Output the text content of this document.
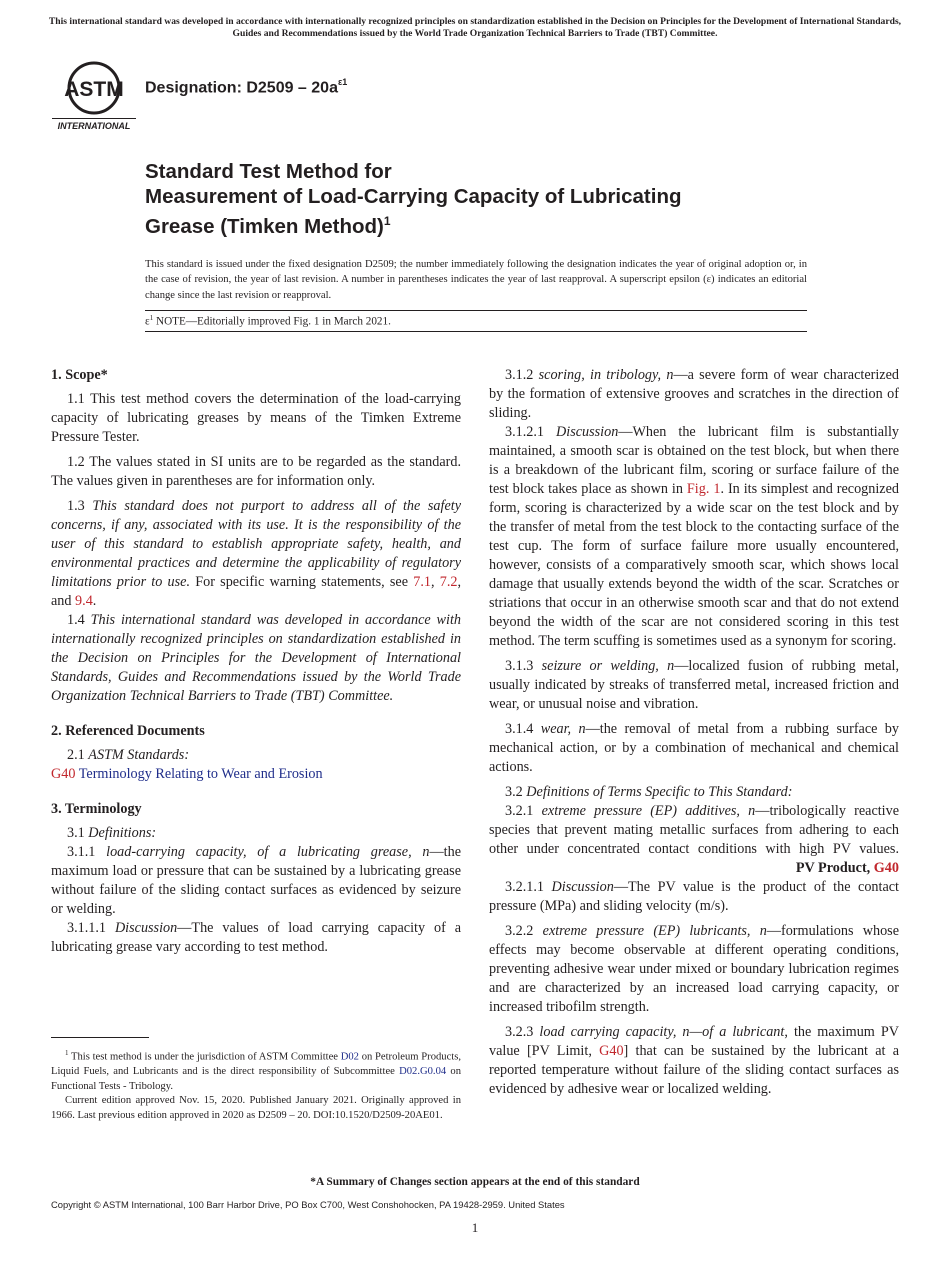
This international standard was developed in accordance with internationally recognized principles on standardization established in the Decision on Principles for the Development of International Standards, Guides and Recommendations issued by the World Trade Organization Technical Barriers to Trade (TBT) Committee.
ASTM
INTERNATIONAL
Designation: $D2509 - 20a^{\varepsilon 1}$
Standard Test Method for
Measurement of Load-Carrying Capacity of Lubricating
Grease (Timken Method)$^1$
This standard is issued under the fixed designation D2509; the number immediately following the designation indicates the year of original adoption or, in the case of revision, the year of last revision. A number in parentheses indicates the year of last reapproval. A superscript epsilon (ε) indicates an editorial change since the last revision or reapproval.
$\varepsilon^1$ NOTE—Editorially improved Fig. 1 in March 2021.
1. Scope*

1.1 This test method covers the determination of the load-carrying capacity of lubricating greases by means of the Timken Extreme Pressure Tester.

1.2 The values stated in SI units are to be regarded as the standard. The values given in parentheses are for information only.

1.3 This standard does not purport to address all of the safety concerns, if any, associated with its use. It is the responsibility of the user of this standard to establish appropriate safety, health, and environmental practices and determine the applicability of regulatory limitations prior to use. For specific warning statements, see 7.1, 7.2, and 9.4.

1.4 This international standard was developed in accordance with internationally recognized principles on standardization established in the Decision on Principles for the Development of International Standards, Guides and Recommendations issued by the World Trade Organization Technical Barriers to Trade (TBT) Committee.

2. Referenced Documents

2.1 ASTM Standards:

G40 Terminology Relating to Wear and Erosion

3. Terminology

3.1 Definitions:

3.1.1 load-carrying capacity, of a lubricating grease, n—the maximum load or pressure that can be sustained by a lubricating grease without failure of the sliding contact surfaces as evidenced by seizure or welding.

3.1.1.1 Discussion—The values of load carrying capacity of a lubricating grease vary according to test method.

3.1.2 scoring, in tribology, n—a severe form of wear characterized by the formation of extensive grooves and scratches in the direction of sliding.

3.1.2.1 Discussion—When the lubricant film is substantially maintained, a smooth scar is obtained on the test block, but when there is a breakdown of the lubricant film, scoring or surface failure of the test block takes place as shown in Fig. 1. In its simplest and recognized form, scoring is characterized by a wide scar on the test block and by the transfer of metal from the test block to the contacting surface of the test cup. The form of surface failure more usually encountered, however, consists of a comparatively smooth scar, which shows local damage that usually extends beyond the width of the scar. Scratches or striations that occur in an otherwise smooth scar and that do not extend beyond the width of the scar are not considered scoring in this test method. The term scuffing is sometimes used as a synonym for scoring.

3.1.3 seizure or welding, n—localized fusion of rubbing metal, usually indicated by streaks of transferred metal, increased friction and wear, or unusual noise and vibration.

3.1.4 wear, n—the removal of metal from a rubbing surface by mechanical action, or by a combination of mechanical and chemical actions.

3.2 Definitions of Terms Specific to This Standard:

3.2.1 extreme pressure (EP) additives, n—tribologically reactive species that prevent mating metallic surfaces from adhering to each other under concentrated contact conditions with high PV values.
PV Product, G40

3.2.1.1 Discussion—The PV value is the product of the contact pressure (MPa) and sliding velocity (m/s).

3.2.2 extreme pressure (EP) lubricants, n—formulations whose effects may become observable at different operating conditions, preventing adhesive wear under mixed or boundary lubrication regimes and are characterized by an increased load carrying capacity, or increased tribofilm strength.

3.2.3 load carrying capacity, n—of a lubricant, the maximum PV value [PV Limit, G40] that can be sustained by the lubricant at a reported temperature without failure of the sliding contact surfaces as evidenced by adhesive wear or localized welding.

$^1$ This test method is under the jurisdiction of ASTM Committee D02 on Petroleum Products, Liquid Fuels, and Lubricants and is the direct responsibility of Subcommittee D02.G0.04 on Functional Tests - Tribology.

Current edition approved Nov. 15, 2020. Published January 2021. Originally approved in 1966. Last previous edition approved in 2020 as D2509 – 20. DOI:10.1520/D2509-20AE01.

*A Summary of Changes section appears at the end of this standard
Copyright © ASTM International, 100 Barr Harbor Drive, PO Box C700, West Conshohocken, PA 19428-2959. United States
1
